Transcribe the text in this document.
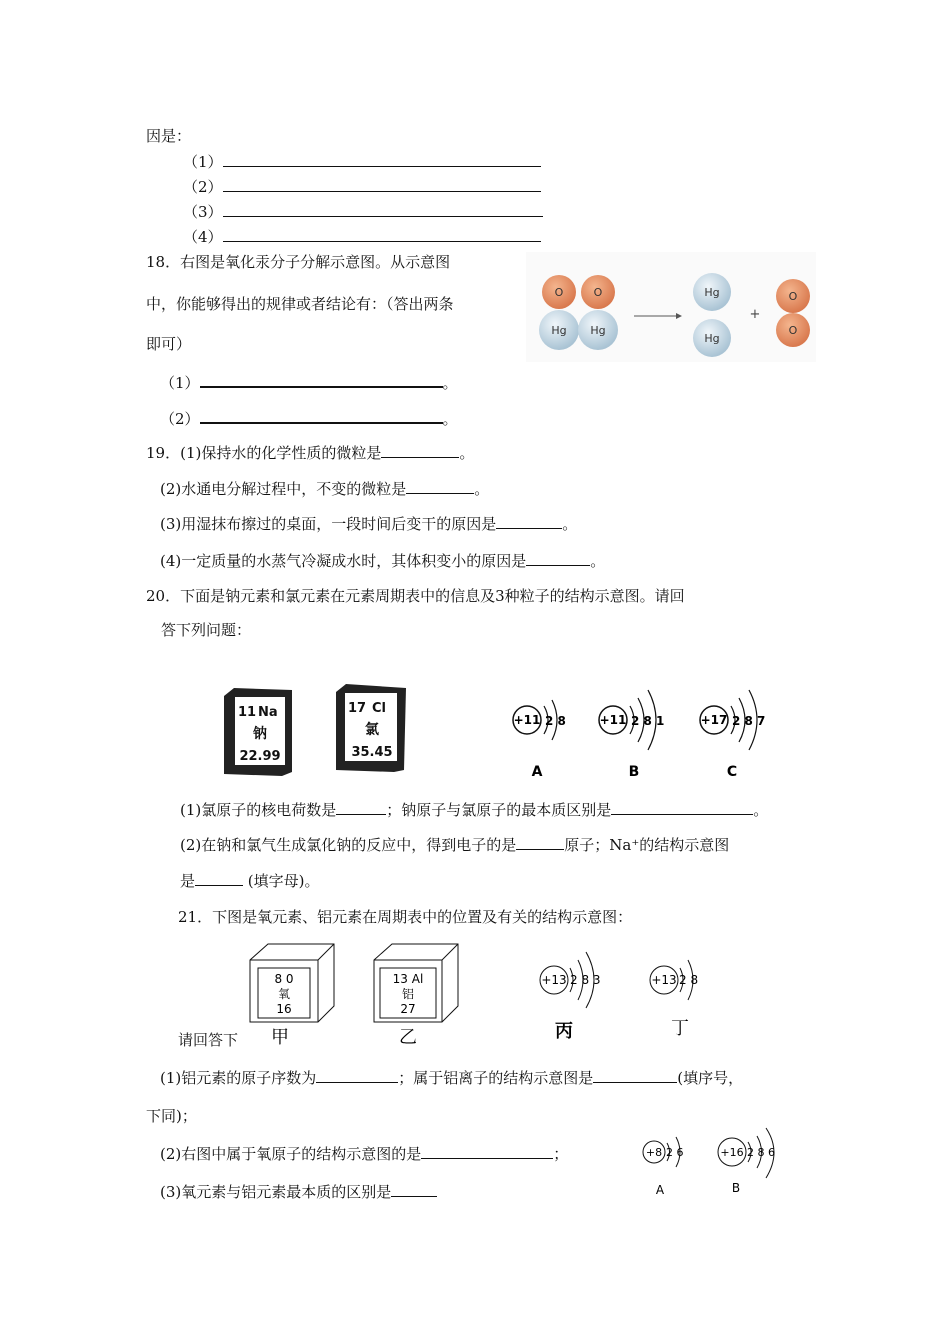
因是：
（1）
（2）
（3）
（4）
18．右图是氧化汞分子分解示意图。从示意图
中，你能够得出的规律或者结论有：（答出两条
即可）
（1）	。
（2）	。
O
Hg
O
Hg
Hg
Hg
+
O
O
19．(1)保持水的化学性质的微粒是	。
(2)水通电分解过程中，不变的微粒是	。
(3)用湿抹布擦过的桌面，一段时间后变干的原因是	。
(4)一定质量的水蒸气冷凝成水时，其体积变小的原因是	。
20．下面是钠元素和氯元素在元素周期表中的信息及3种粒子的结构示意图。请回
答下列问题：
11 Na
钠
22.99
17 Cl
氯
35.45
+11 2 8
A
+11 2 8 1
B
+17 2 8 7
C
(1)氯原子的核电荷数是	；钠原子与氯原子的最本质区别是	。
(2)在钠和氯气生成氯化钠的反应中，得到电子的是	原子；Na⁺的结构示意图
是	(填字母)。
21．下图是氧元素、铝元素在周期表中的位置及有关的结构示意图：
8 0
氧
16
甲
13 Al
铝
27
乙
+13 2 8 3
丙
+13 2 8
丁
请回答下
(1)铝元素的原子序数为	；属于铝离子的结构示意图是	(填序号，
下同)；
(2)右图中属于氧原子的结构示意图的是	；
(3)氧元素与铝元素最本质的区别是
+8 2 6
A
+16 2 8 6
B
